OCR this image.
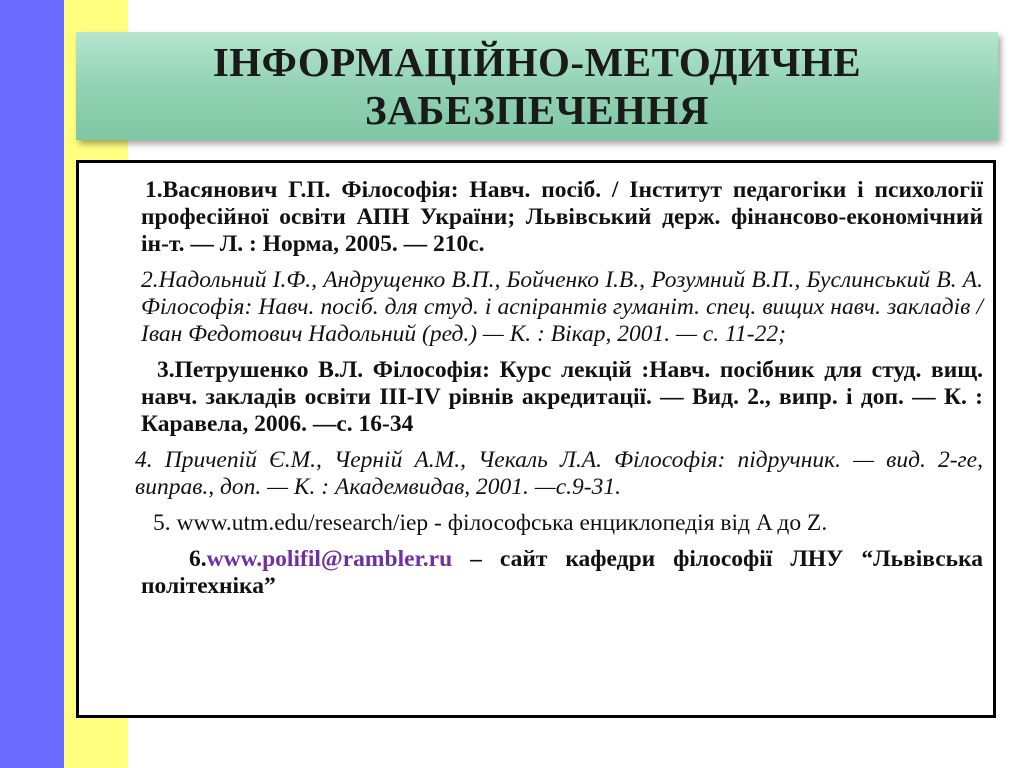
ІНФОРМАЦІЙНО-МЕТОДИЧНЕ
ЗАБЕЗПЕЧЕННЯ

1.Васянович Г.П. Філософія: Навч. посіб. / Інститут педагогіки і психології професійної освіти АПН України; Львівський держ. фінансово-економічний ін-т. — Л. : Норма, 2005. — 210с.

2.Надольний І.Ф., Андрущенко В.П., Бойченко І.В., Розумний В.П., Буслинський В. А. Філософія: Навч. посіб. для студ. і аспірантів гуманіт. спец. вищих навч. закладів / Іван Федотович Надольний (ред.) — К. : Вікар, 2001. — с. 11-22;

3.Петрушенко В.Л. Філософія: Курс лекцій :Навч. посібник для студ. вищ. навч. закладів освіти III-IV рівнів акредитації. — Вид. 2., випр. і доп. — К. : Каравела, 2006. —с. 16-34

4. Причепій Є.М., Черній А.М., Чекаль Л.А. Філософія: підручник. — вид. 2-ге, виправ., доп. — К. : Академвидав, 2001. —с.9-31.

5. www.utm.edu/research/iep - філософська енциклопедія від A до Z.

6.www.polifil@rambler.ru – сайт кафедри філософії ЛНУ “Львівська політехніка”
